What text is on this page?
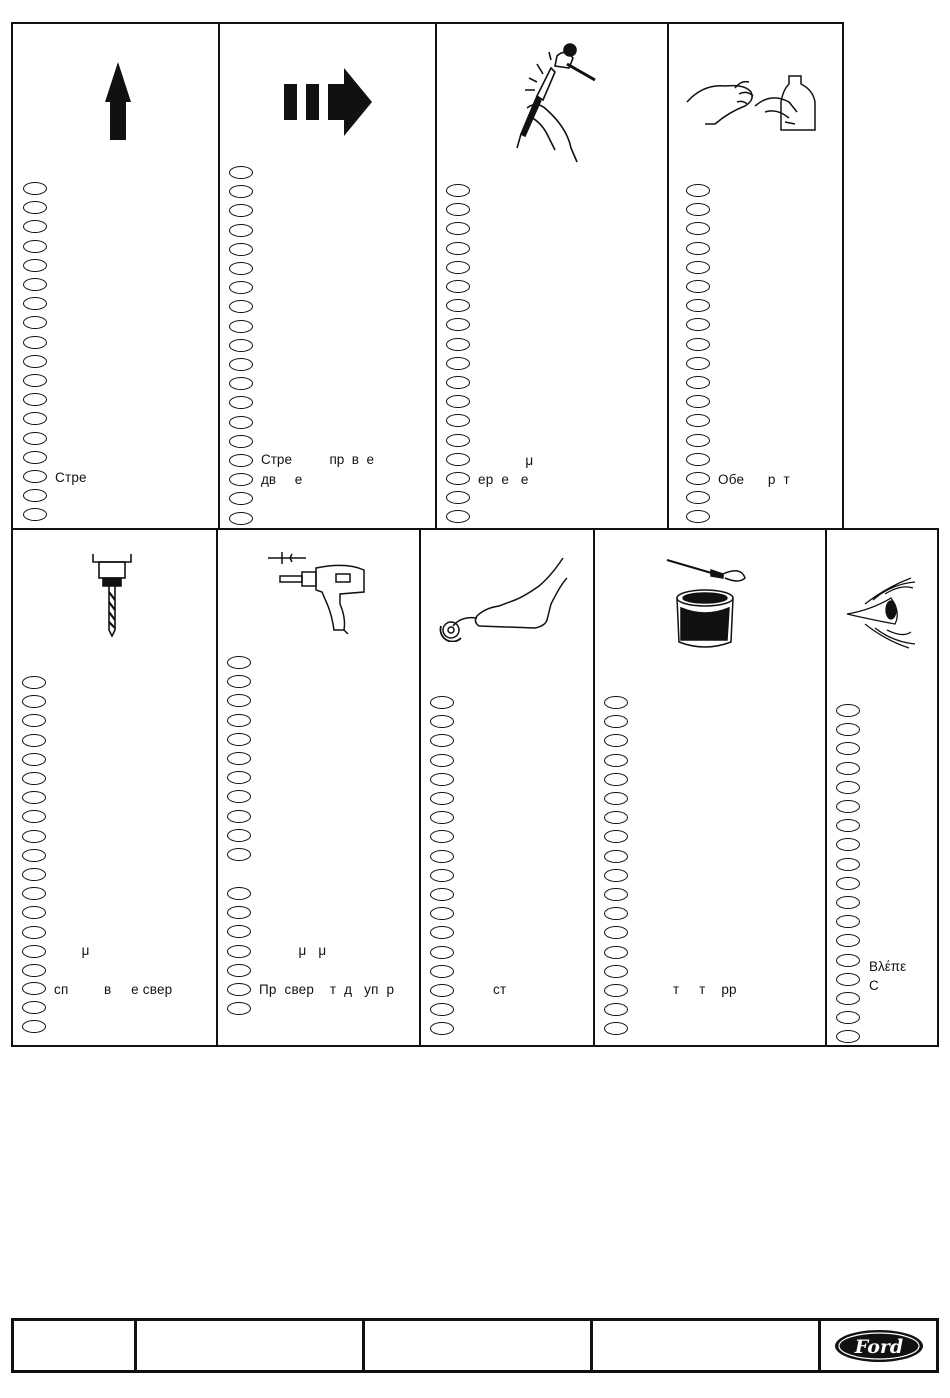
Стре
Стре          пр  в  е
дв     е
μ
ер  е   е	Обе      р  т
μ
сп         в     е свер
μ   μ
Пр  свер    т  д   уп  р	ст	т     т    рр
Βλέπε
C
Ford
